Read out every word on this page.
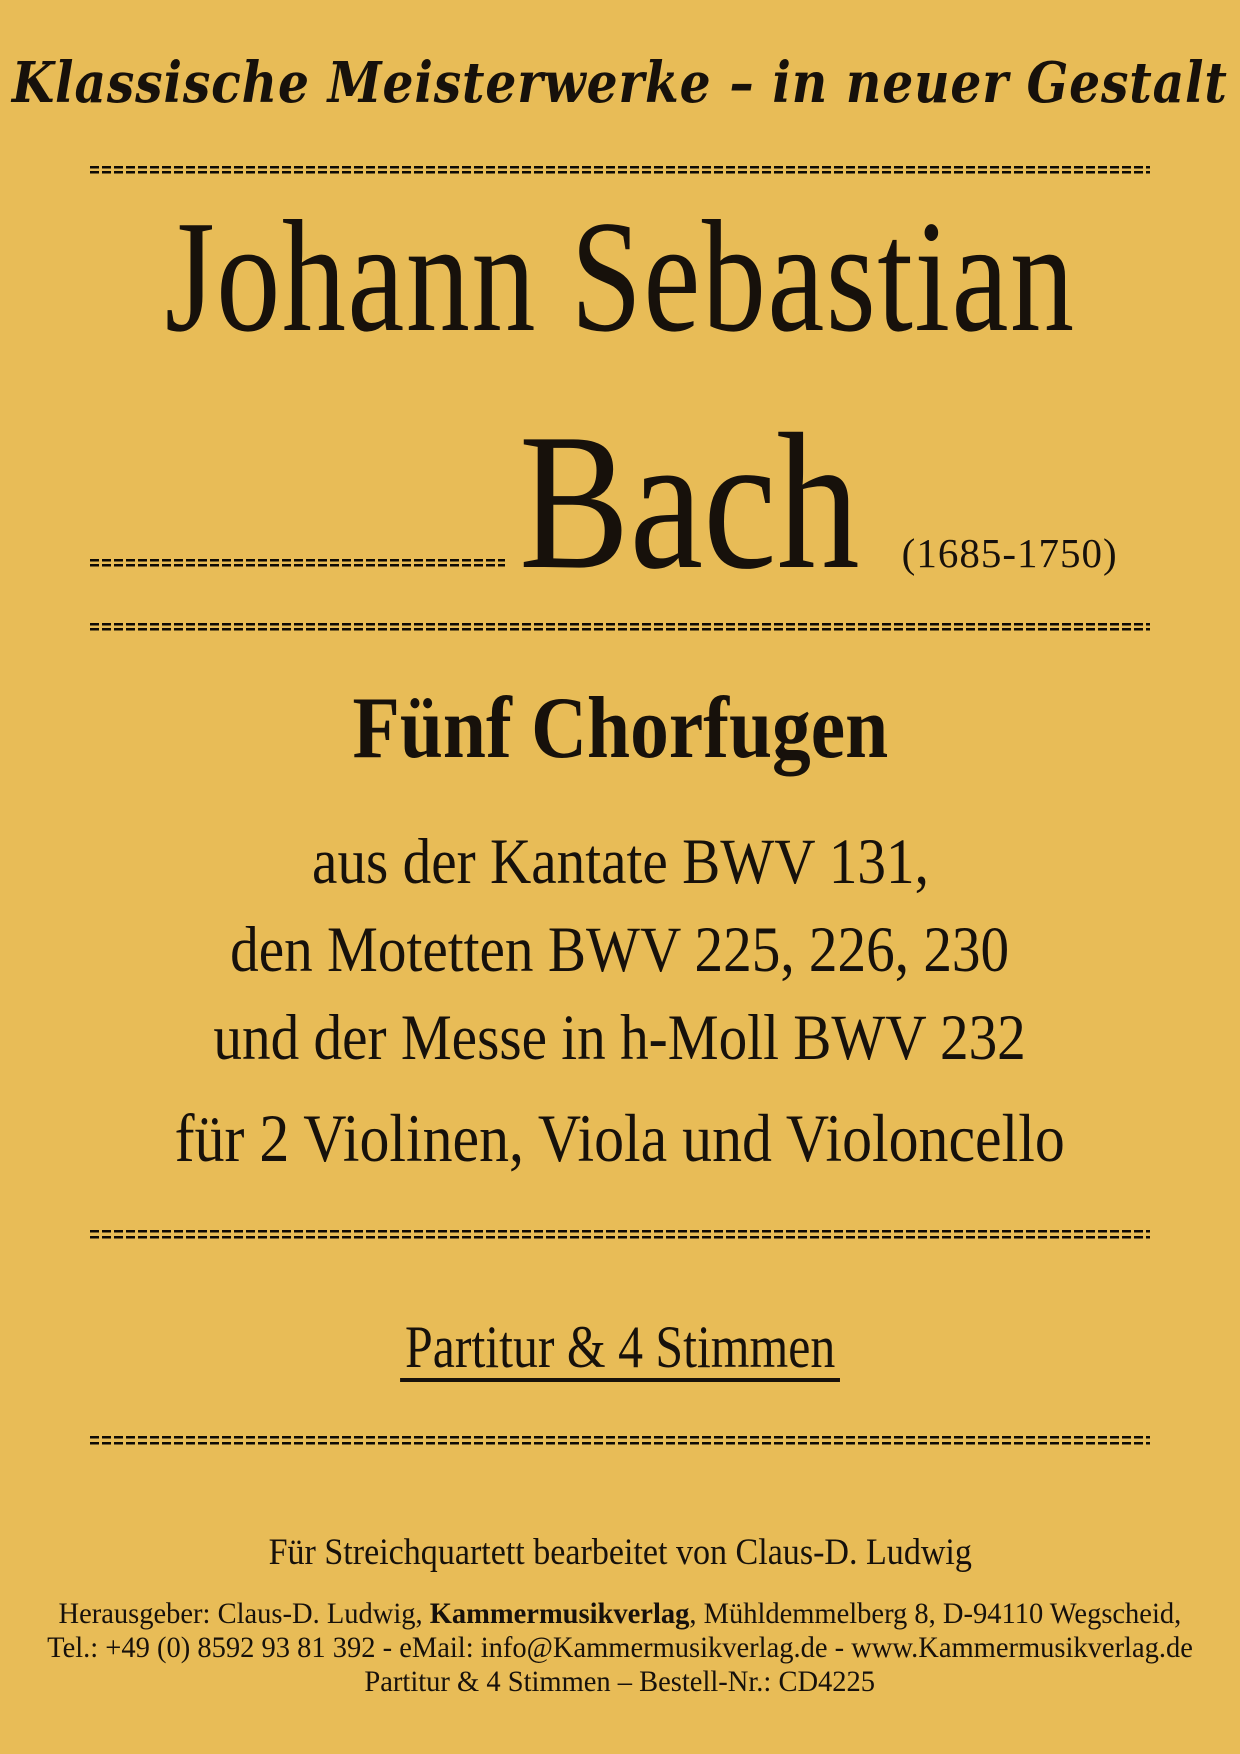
Klassische Meisterwerke – in neuer Gestalt
Johann Sebastian
Bach (1685-1750)
Fünf Chorfugen
aus der Kantate BWV 131,
den Motetten BWV 225, 226, 230
und der Messe in h-Moll BWV 232
für 2 Violinen, Viola und Violoncello
Partitur & 4 Stimmen
Für Streichquartett bearbeitet von Claus-D. Ludwig
Herausgeber: Claus-D. Ludwig, Kammermusikverlag, Mühldemmelberg 8, D-94110 Wegscheid,
Tel.: +49 (0) 8592 93 81 392 - eMail: info@Kammermusikverlag.de - www.Kammermusikverlag.de
Partitur & 4 Stimmen – Bestell-Nr.: CD4225
